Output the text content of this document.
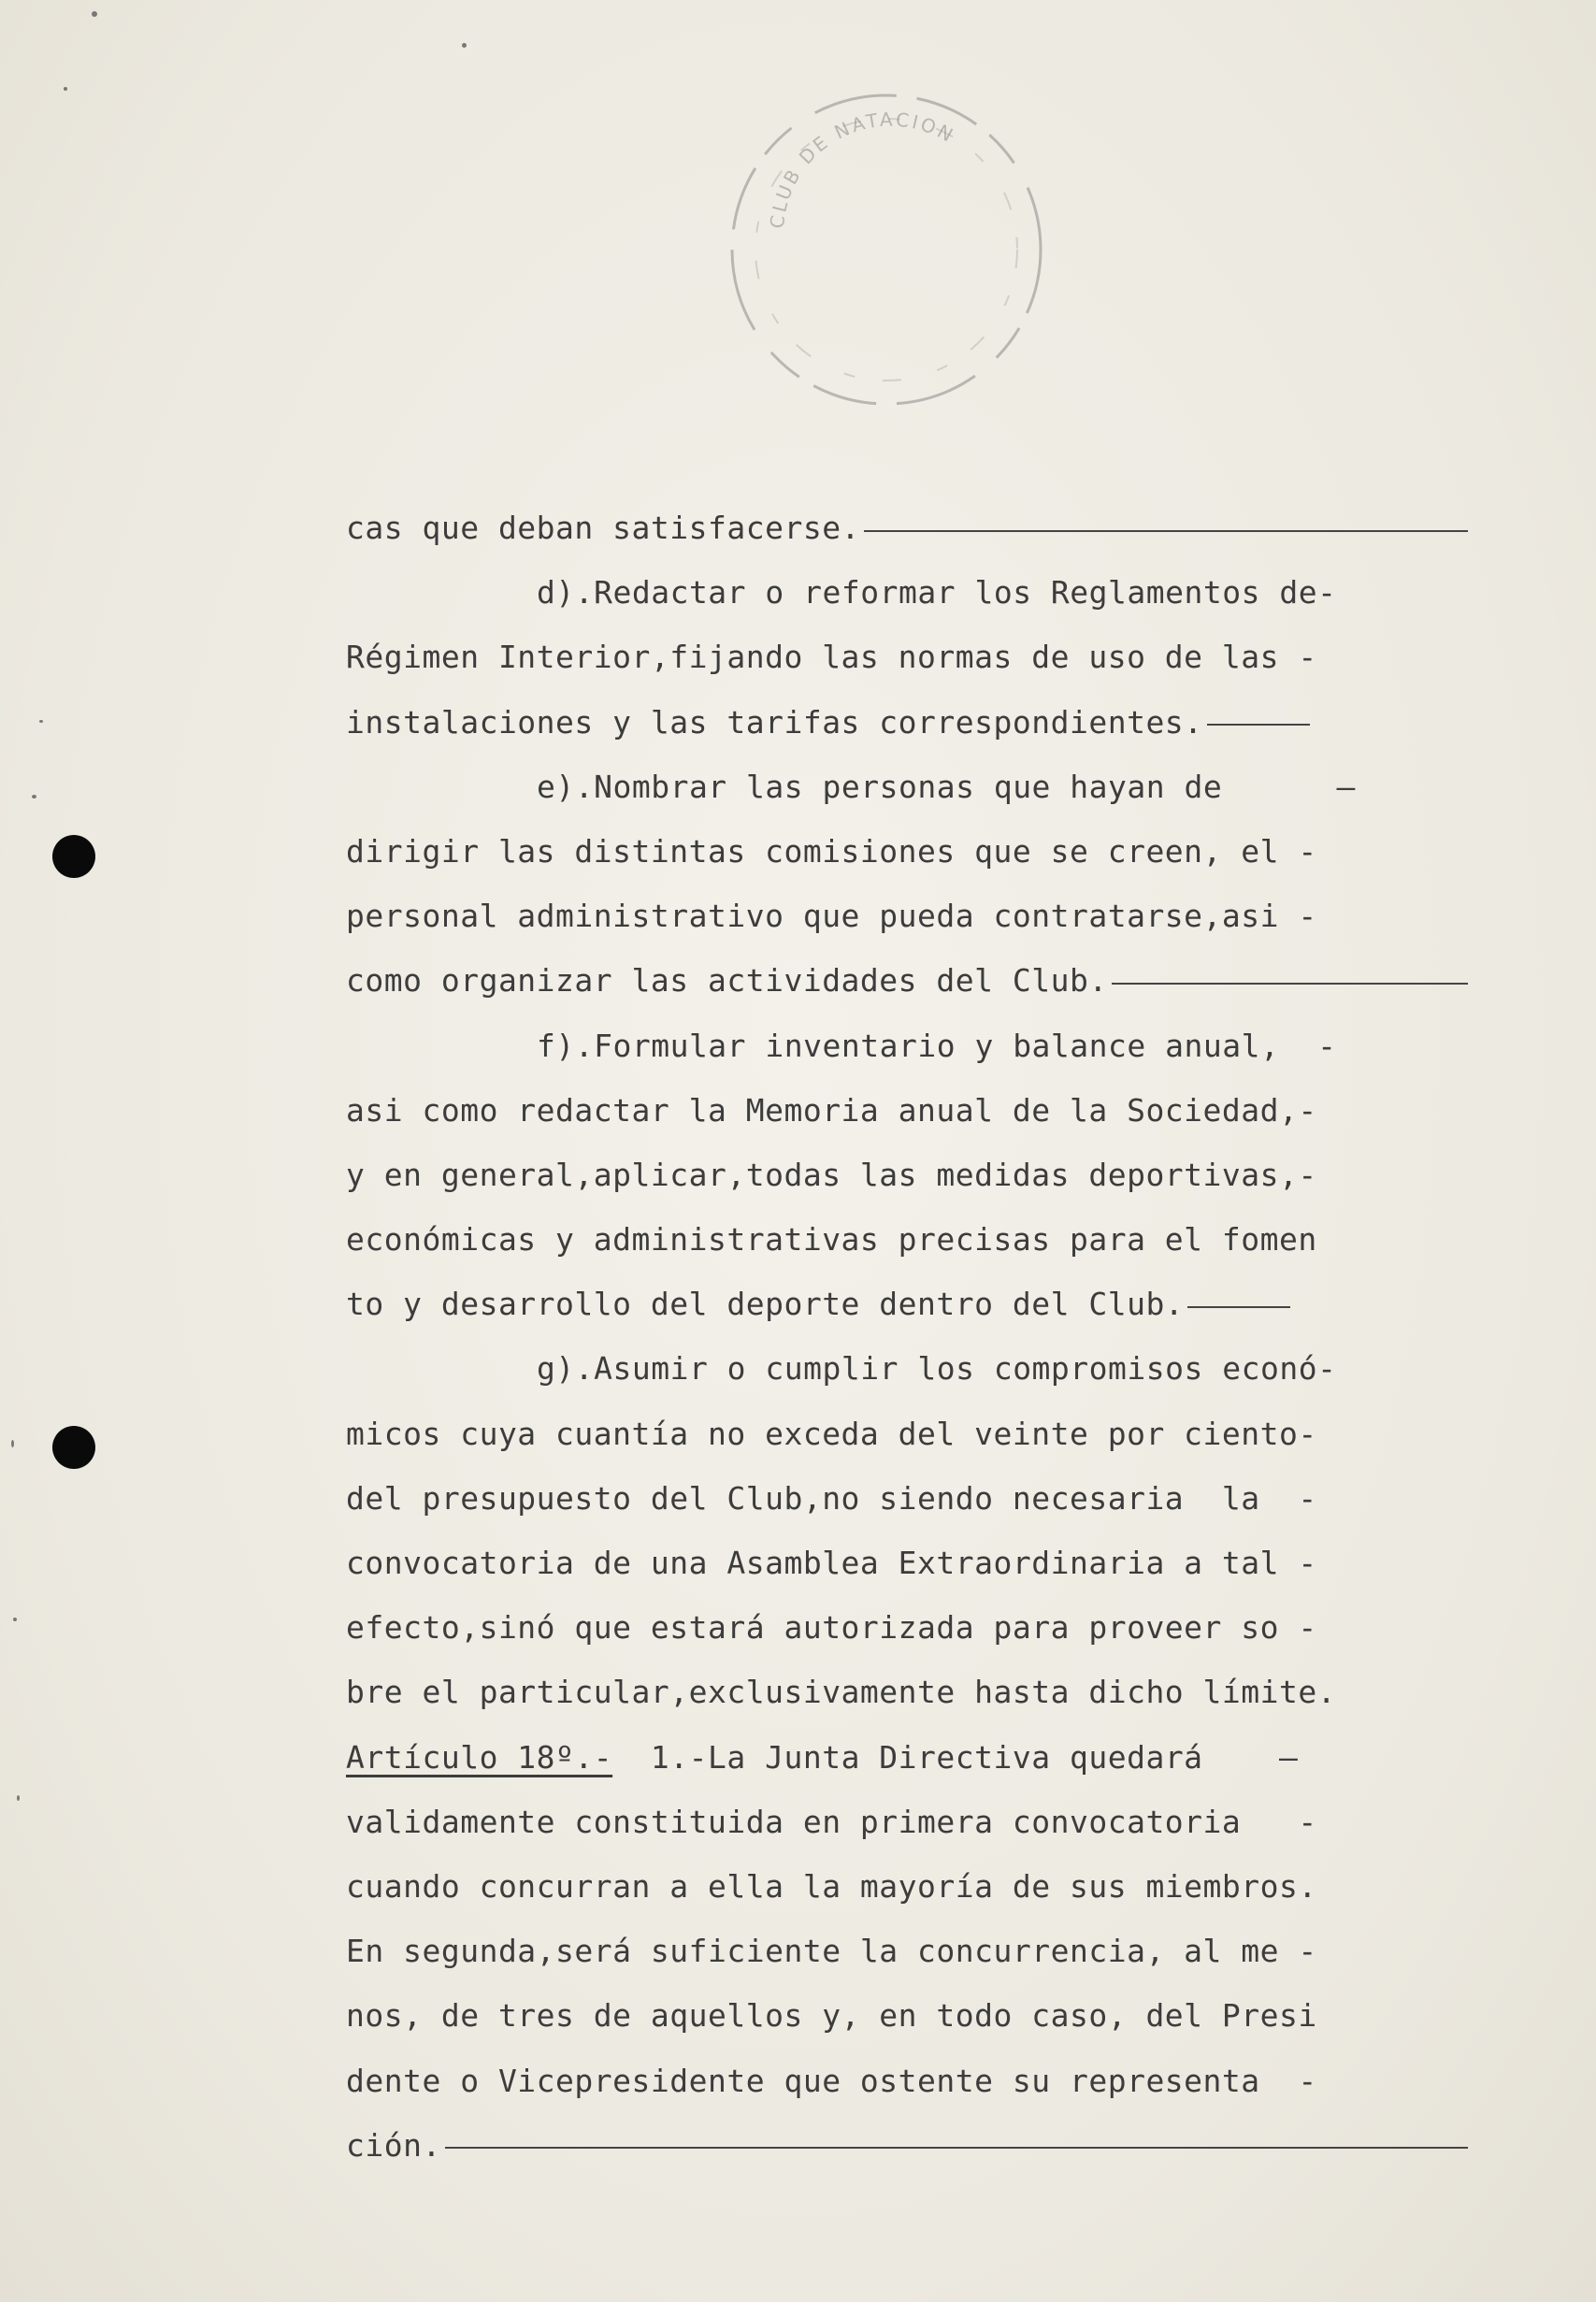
CLUB DE NATACION
cas que deban satisfacerse.
d).Redactar o reformar los Reglamentos de-
Régimen Interior,fijando las normas de uso de las -
instalaciones y las tarifas correspondientes.
e).Nombrar las personas que hayan de      —
dirigir las distintas comisiones que se creen, el -
personal administrativo que pueda contratarse,asi -
como organizar las actividades del Club.
f).Formular inventario y balance anual,  -
asi como redactar la Memoria anual de la Sociedad,-
y en general,aplicar,todas las medidas deportivas,-
económicas y administrativas precisas para el fomen
to y desarrollo del deporte dentro del Club.
g).Asumir o cumplir los compromisos econó-
micos cuya cuantía no exceda del veinte por ciento-
del presupuesto del Club,no siendo necesaria  la  -
convocatoria de una Asamblea Extraordinaria a tal -
efecto,sinó que estará autorizada para proveer so -
bre el particular,exclusivamente hasta dicho límite.
Artículo 18º.- 1.-La Junta Directiva quedará    —
validamente constituida en primera convocatoria   -
cuando concurran a ella la mayoría de sus miembros.
En segunda,será suficiente la concurrencia, al me -
nos, de tres de aquellos y, en todo caso, del Presi
dente o Vicepresidente que ostente su representa  -
ción.
